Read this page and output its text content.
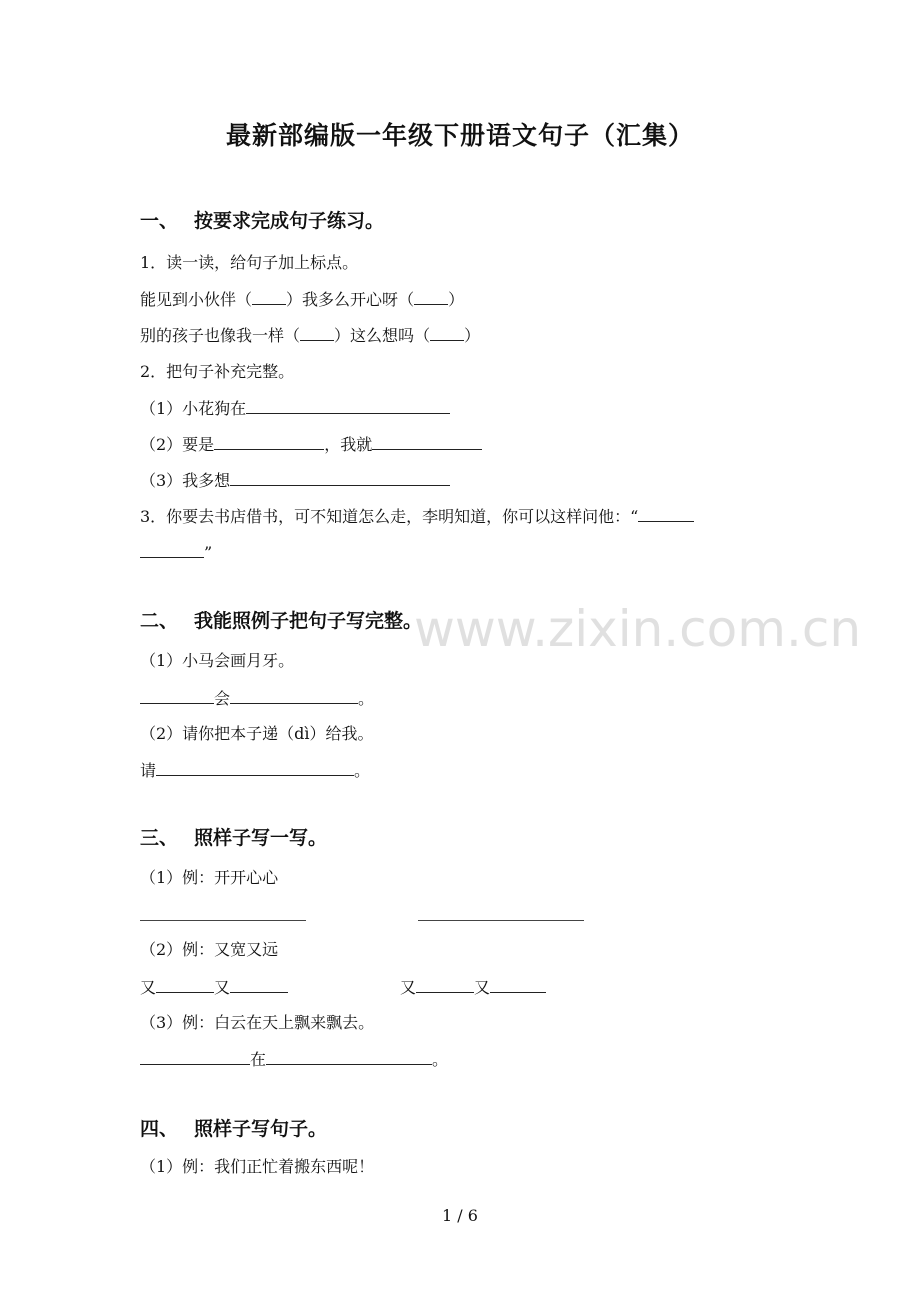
最新部编版一年级下册语文句子（汇集）
www.zixin.com.cn
一、 按要求完成句子练习。
1．读一读，给句子加上标点。
能见到小伙伴（ ）我多么开心呀（ ）
别的孩子也像我一样（ ）这么想吗（ ）
2．把句子补充完整。
（1）小花狗在
（2）要是	，我就
（3）我多想
3．你要去书店借书，可不知道怎么走，李明知道，你可以这样问他：“
”
二、 我能照例子把句子写完整。
（1）小马会画月牙。
会	。
（2）请你把本子递（dì）给我。
请	。
三、 照样子写一写。
（1）例：开开心心
（2）例：又宽又远
又	又	又	又
（3）例：白云在天上飘来飘去。
在	。
四、 照样子写句子。
（1）例：我们正忙着搬东西呢！
1 / 6
